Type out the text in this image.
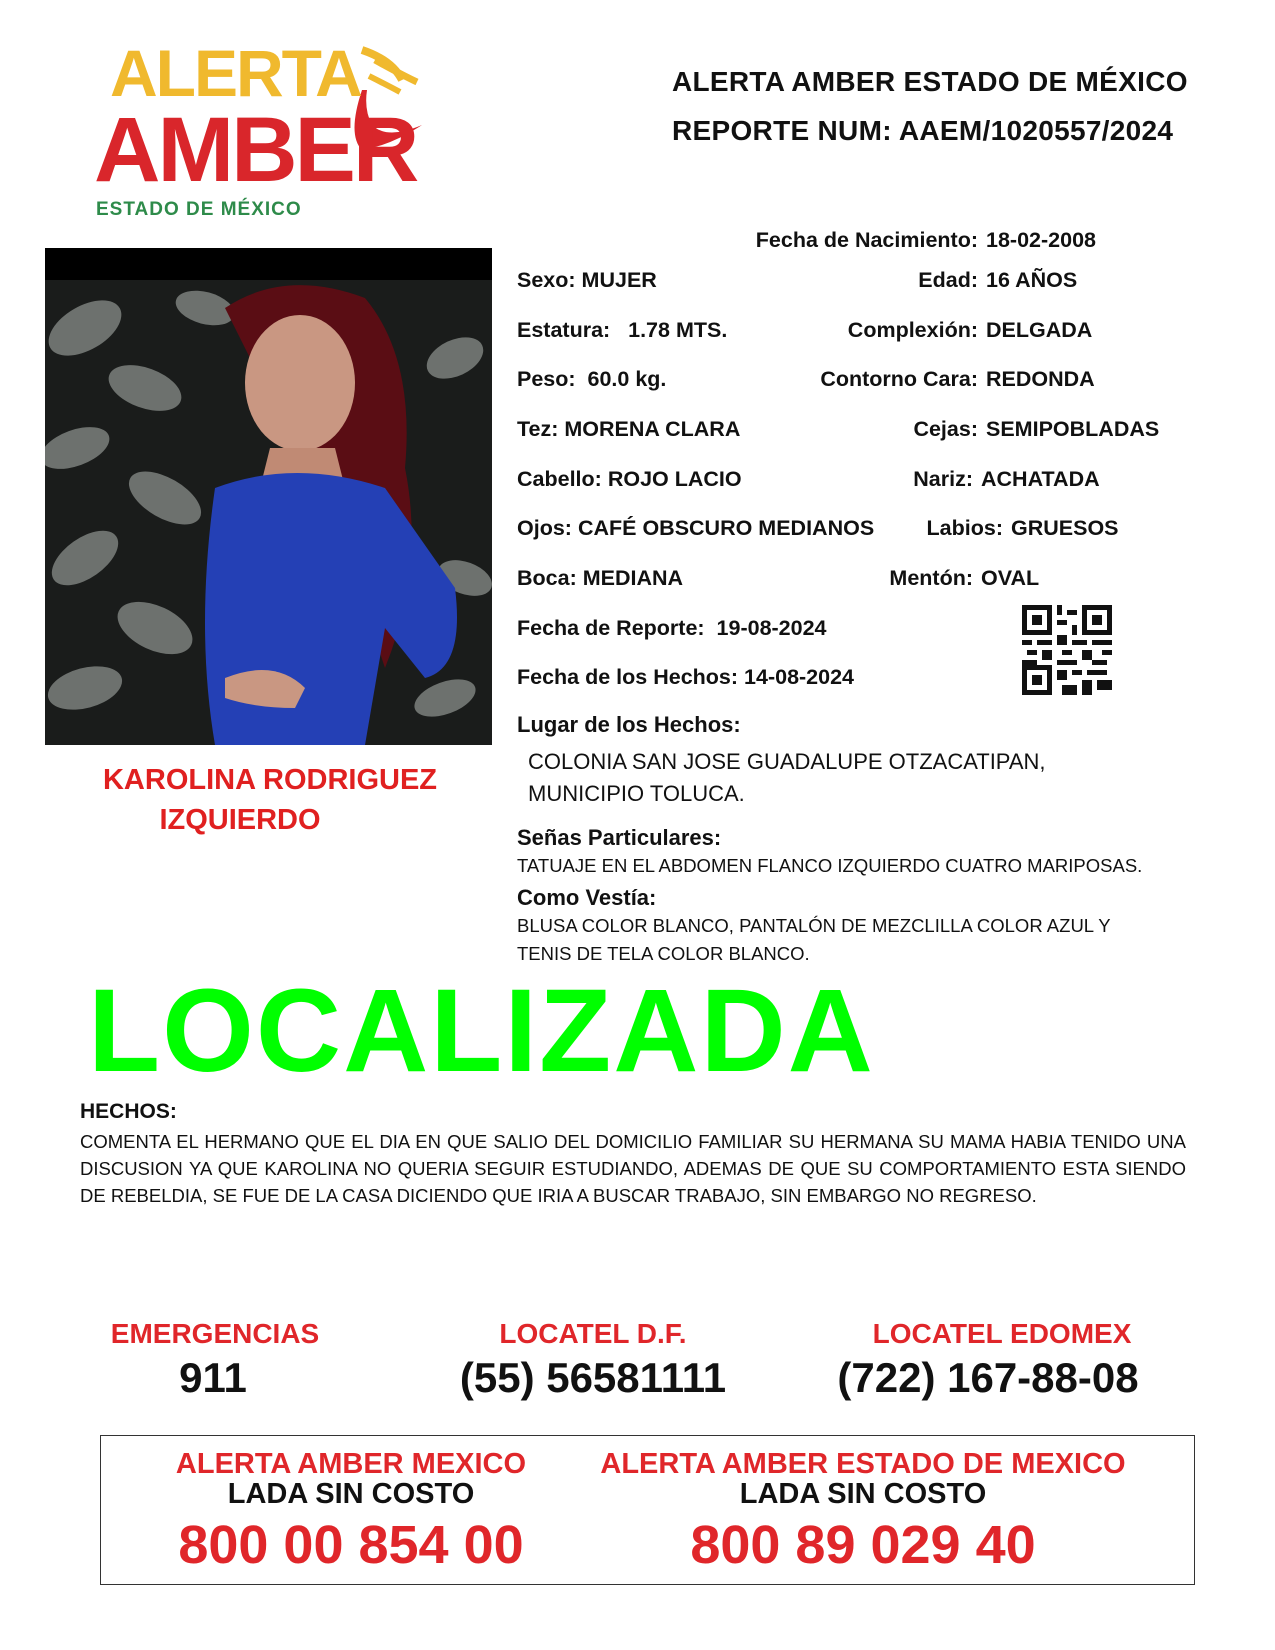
ALERTA
AMBER
ESTADO DE MÉXICO
ALERTA AMBER ESTADO DE MÉXICO
REPORTE NUM: AAEM/1020557/2024
LOCALIZADA
KAROLINA RODRIGUEZ
IZQUIERDO
Fecha de Nacimiento: 18-02-2008
Sexo: MUJER	Edad: 16 AÑOS
Estatura: 1.78 MTS.	Complexión: DELGADA
Peso: 60.0 kg.	Contorno Cara: REDONDA
Tez: MORENA CLARA	Cejas: SEMIPOBLADAS
Cabello: ROJO LACIO	Nariz: ACHATADA
Ojos: CAFÉ OBSCURO MEDIANOS Labios: GRUESOS
Boca: MEDIANA	Mentón: OVAL
Fecha de Reporte: 19-08-2024
Fecha de los Hechos: 14-08-2024
Lugar de los Hechos:
COLONIA SAN JOSE GUADALUPE OTZACATIPAN,
MUNICIPIO TOLUCA.
Señas Particulares:
TATUAJE EN EL ABDOMEN FLANCO IZQUIERDO CUATRO MARIPOSAS.
Como Vestía:
BLUSA COLOR BLANCO, PANTALÓN DE MEZCLILLA COLOR AZUL Y
TENIS DE TELA COLOR BLANCO.
HECHOS:
COMENTA EL HERMANO QUE EL DIA EN QUE SALIO DEL DOMICILIO FAMILIAR SU HERMANA SU MAMA HABIA TENIDO UNA DISCUSION YA QUE KAROLINA NO QUERIA SEGUIR ESTUDIANDO, ADEMAS DE QUE SU COMPORTAMIENTO ESTA SIENDO DE REBELDIA, SE FUE DE LA CASA DICIENDO QUE IRIA A BUSCAR TRABAJO, SIN EMBARGO NO REGRESO.
EMERGENCIAS
911
LOCATEL D.F.
(55) 56581111
LOCATEL EDOMEX
(722) 167-88-08
ALERTA AMBER MEXICO
LADA SIN COSTO
800 00 854 00
ALERTA AMBER ESTADO DE MEXICO
LADA SIN COSTO
800 89 029 40
